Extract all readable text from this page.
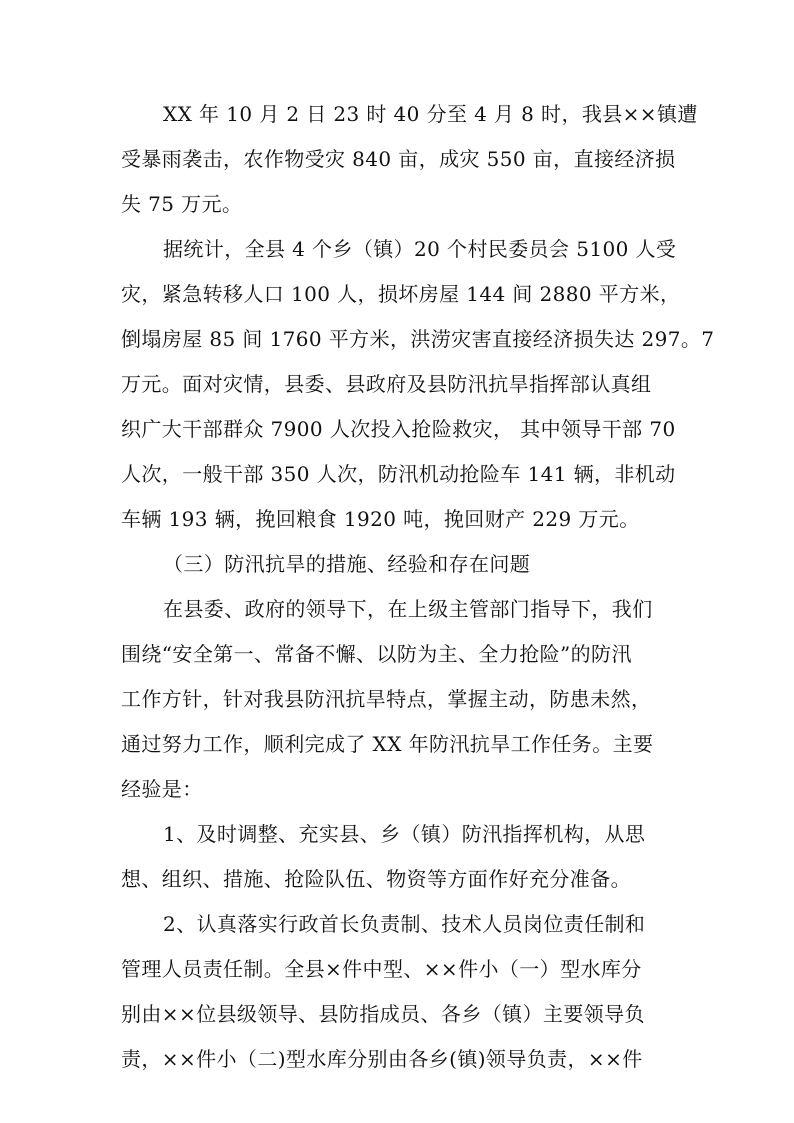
XX 年 10 月 2 日 23 时 40 分至 4 月 8 时，我县××镇遭
受暴雨袭击，农作物受灾 840 亩，成灾 550 亩，直接经济损
失 75 万元。
据统计，全县 4 个乡（镇）20 个村民委员会 5100 人受
灾，紧急转移人口 100 人，损坏房屋 144 间 2880 平方米，
倒塌房屋 85 间 1760 平方米，洪涝灾害直接经济损失达 297。7
万元。面对灾情，县委、县政府及县防汛抗旱指挥部认真组
织广大干部群众 7900 人次投入抢险救灾， 其中领导干部 70
人次，一般干部 350 人次，防汛机动抢险车 141 辆，非机动
车辆 193 辆，挽回粮食 1920 吨，挽回财产 229 万元。
（三）防汛抗旱的措施、经验和存在问题
在县委、政府的领导下，在上级主管部门指导下，我们
围绕“安全第一、常备不懈、以防为主、全力抢险”的防汛
工作方针，针对我县防汛抗旱特点，掌握主动，防患未然，
通过努力工作，顺利完成了 XX 年防汛抗旱工作任务。主要
经验是：
1、及时调整、充实县、乡（镇）防汛指挥机构，从思
想、组织、措施、抢险队伍、物资等方面作好充分准备。
2、认真落实行政首长负责制、技术人员岗位责任制和
管理人员责任制。全县×件中型、××件小（一）型水库分
别由××位县级领导、县防指成员、各乡（镇）主要领导负
责，××件小（二)型水库分别由各乡(镇)领导负责，××件
